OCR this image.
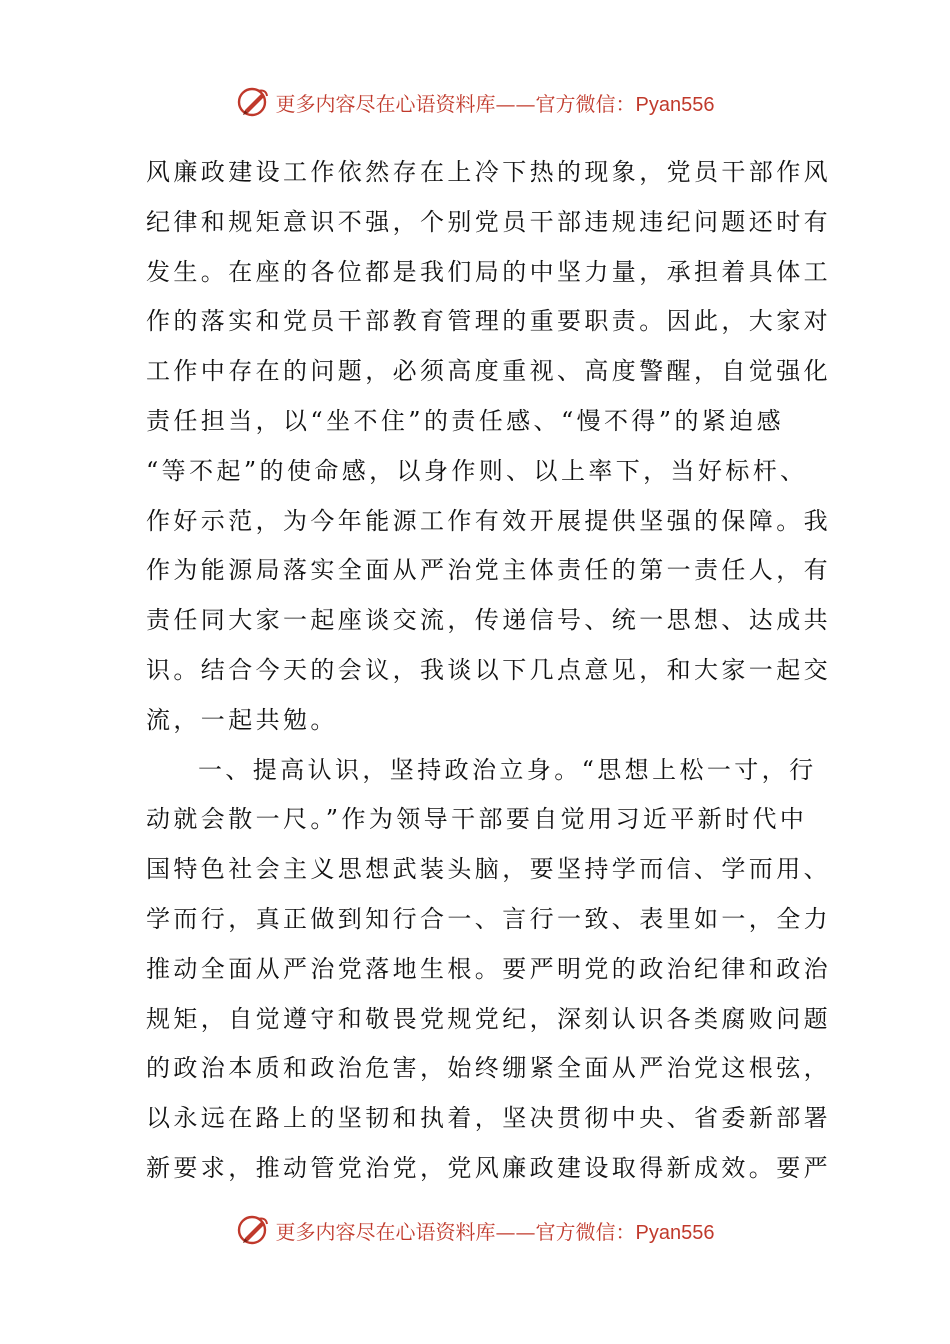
更多内容尽在心语资料库——官方微信：Pyan556
风廉政建设工作依然存在上冷下热的现象，党员干部作风
纪律和规矩意识不强，个别党员干部违规违纪问题还时有
发生。在座的各位都是我们局的中坚力量，承担着具体工
作的落实和党员干部教育管理的重要职责。因此，大家对
工作中存在的问题，必须高度重视、高度警醒，自觉强化
责任担当，以“坐不住”的责任感、“慢不得”的紧迫感
“等不起”的使命感，以身作则、以上率下，当好标杆、
作好示范，为今年能源工作有效开展提供坚强的保障。我
作为能源局落实全面从严治党主体责任的第一责任人，有
责任同大家一起座谈交流，传递信号、统一思想、达成共
识。结合今天的会议，我谈以下几点意见，和大家一起交
流，一起共勉。
一、提高认识，坚持政治立身。“思想上松一寸，行
动就会散一尺。”作为领导干部要自觉用习近平新时代中
国特色社会主义思想武装头脑，要坚持学而信、学而用、
学而行，真正做到知行合一、言行一致、表里如一，全力
推动全面从严治党落地生根。要严明党的政治纪律和政治
规矩，自觉遵守和敬畏党规党纪，深刻认识各类腐败问题
的政治本质和政治危害，始终绷紧全面从严治党这根弦，
以永远在路上的坚韧和执着，坚决贯彻中央、省委新部署
新要求，推动管党治党，党风廉政建设取得新成效。要严
更多内容尽在心语资料库——官方微信：Pyan556
